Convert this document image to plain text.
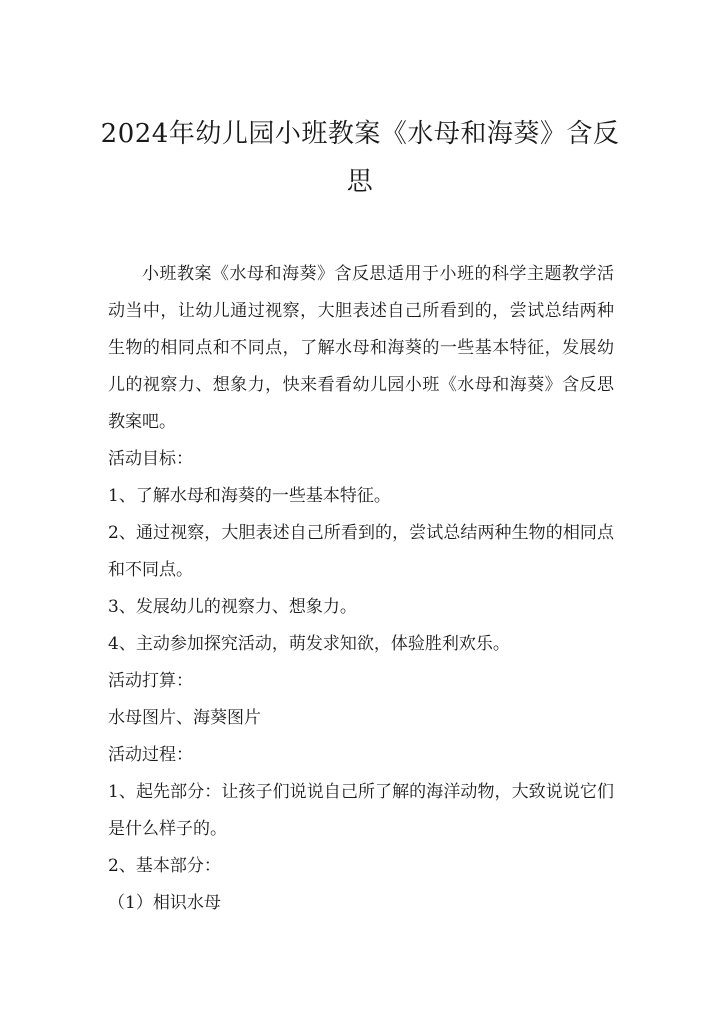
2024年幼儿园小班教案《水母和海葵》含反思

小班教案《水母和海葵》含反思适用于小班的科学主题教学活动当中，让幼儿通过视察，大胆表述自己所看到的，尝试总结两种生物的相同点和不同点，了解水母和海葵的一些基本特征，发展幼儿的视察力、想象力，快来看看幼儿园小班《水母和海葵》含反思教案吧。

活动目标：

1、了解水母和海葵的一些基本特征。

2、通过视察，大胆表述自己所看到的，尝试总结两种生物的相同点和不同点。

3、发展幼儿的视察力、想象力。

4、主动参加探究活动，萌发求知欲，体验胜利欢乐。

活动打算：

水母图片、海葵图片

活动过程：

1、起先部分：让孩子们说说自己所了解的海洋动物，大致说说它们是什么样子的。

2、基本部分：

（1）相识水母
